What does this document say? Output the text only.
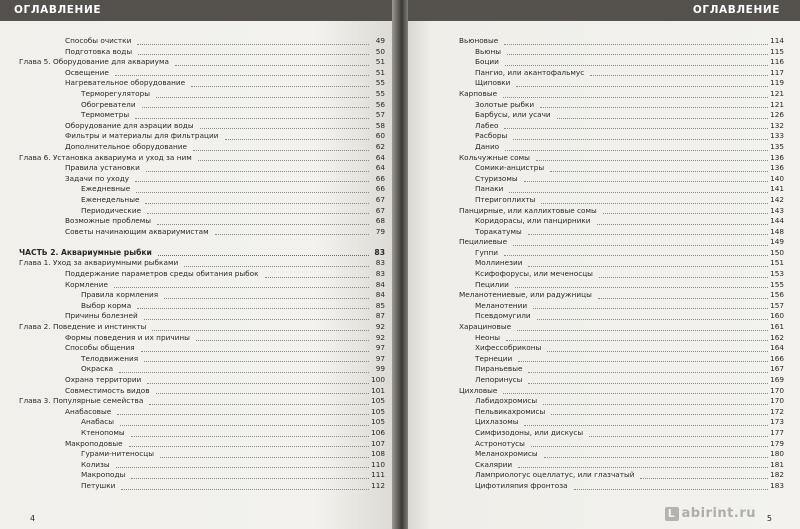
ОГЛАВЛЕНИЕ
Способы очистки	49
Подготовка воды	50
Глава 5. Оборудование для аквариума	51
Освещение	51
Нагревательное оборудование	55
Терморегуляторы	55
Обогреватели	56
Термометры	57
Оборудование для аэрации воды	58
Фильтры и материалы для фильтрации	60
Дополнительное оборудование	62
Глава 6. Установка аквариума и уход за ним	64
Правила установки	64
Задачи по уходу	66
Ежедневные	66
Еженедельные	67
Периодические	67
Возможные проблемы	68
Советы начинающим аквариумистам	79
ЧАСТЬ 2. Аквариумные рыбки	83
Глава 1. Уход за аквариумными рыбками	83
Поддержание параметров среды обитания рыбок	83
Кормление	84
Правила кормления	84
Выбор корма	85
Причины болезней	87
Глава 2. Поведение и инстинкты	92
Формы поведения и их причины	92
Способы общения	97
Телодвижения	97
Окраска	99
Охрана территории	100
Совместимость видов	101
Глава 3. Популярные семейства	105
Анабасовые	105
Анабасы	105
Ктенопомы	106
Макроподовые	107
Гурами-нитеносцы	108
Колизы	110
Макроподы	111
Петушки	112
4
ОГЛАВЛЕНИЕ
Вьюновые	114
Вьюны	115
Боции	116
Пангио, или акантофальмус	117
Щиповки	119
Карповые	121
Золотые рыбки	121
Барбусы, или усачи	126
Лабео	132
Расборы	133
Данио	135
Кольчужные сомы	136
Сомики-анцистры	136
Стуризомы	140
Панаки	141
Птеригоплихты	142
Панцирные, или каллихтовые сомы	143
Коридорасы, или панцирники	144
Торакатумы	148
Пецилиевые	149
Гуппи	150
Моллинезии	151
Ксифофорусы, или меченосцы	153
Пецилии	155
Меланотениевые, или радужницы	156
Меланотении	157
Псевдомугили	160
Харациновые	161
Неоны	162
Хифессобриконы	164
Тернеции	166
Пираньевые	167
Лепоринусы	169
Цихловые	170
Лабидохромисы	170
Пельвикахромисы	172
Цихлазомы	173
Симфизодоны, или дискусы	177
Астронотусы	179
Меланохромисы	180
Скалярии	181
Ламприологус оцеллатус, или глазчатый	182
Цифотиляпия фронтоза	183
L abirint.ru 5
